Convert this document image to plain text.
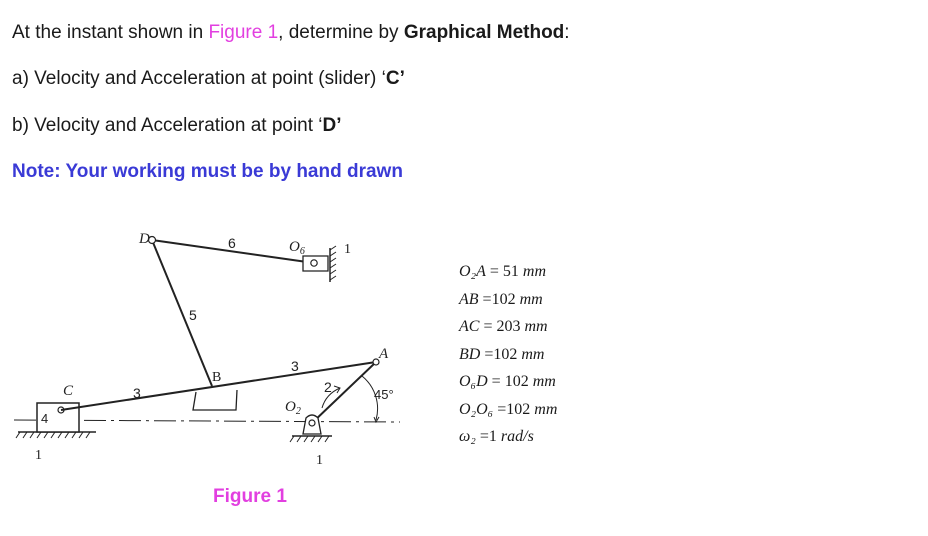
At the instant shown in Figure 1, determine by Graphical Method:
a) Velocity and Acceleration at point (slider) ‘C’
b) Velocity and Acceleration at point ‘D’
Note: Your working must be by hand drawn
D	6	$O_6$	1
5
B
3
A
C	3	2	45°
4
$O_2$
1	1
Figure 1
O₂A = 51 mm
AB =102 mm
AC = 203 mm
BD =102 mm
O₆D = 102 mm
O₂O₆ =102 mm
ω₂ =1 rad/s
